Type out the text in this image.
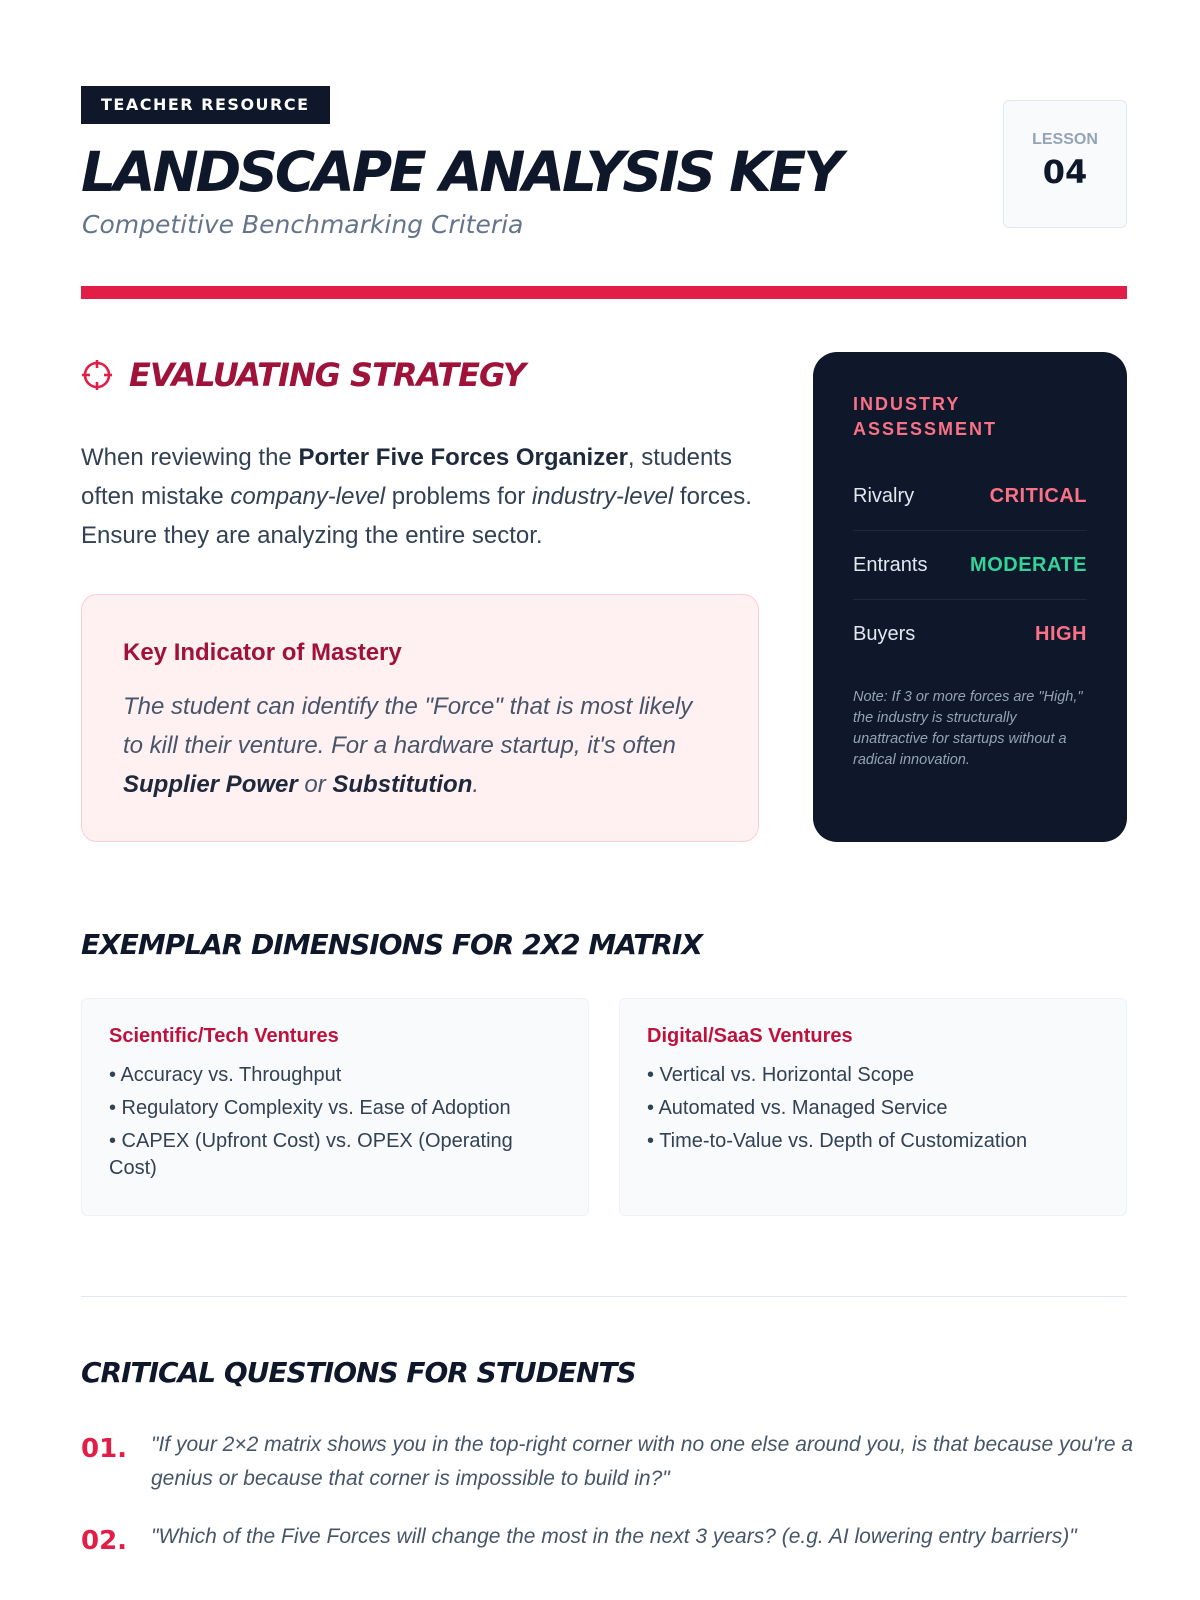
TEACHER RESOURCE
LANDSCAPE ANALYSIS KEY
Competitive Benchmarking Criteria
LESSON
04
EVALUATING STRATEGY

When reviewing the Porter Five Forces Organizer, students often mistake company-level problems for industry-level forces. Ensure they are analyzing the entire sector.

Key Indicator of Mastery

The student can identify the "Force" that is most likely to kill their venture. For a hardware startup, it's often Supplier Power or Substitution.

INDUSTRY ASSESSMENT
Rivalry	CRITICAL
Entrants MODERATE
Buyers	HIGH

Note: If 3 or more forces are "High," the industry is structurally unattractive for startups without a radical innovation.

EXEMPLAR DIMENSIONS FOR 2X2 MATRIX
Scientific/Tech Ventures
• Accuracy vs. Throughput
• Regulatory Complexity vs. Ease of Adoption
• CAPEX (Upfront Cost) vs. OPEX (Operating Cost)
Digital/SaaS Ventures
• Vertical vs. Horizontal Scope
• Automated vs. Managed Service
• Time-to-Value vs. Depth of Customization
CRITICAL QUESTIONS FOR STUDENTS
01.	"If your 2×2 matrix shows you in the top-right corner with no one else around you, is that because you're a genius or because that corner is impossible to build in?"
02.	"Which of the Five Forces will change the most in the next 3 years? (e.g. AI lowering entry barriers)"
